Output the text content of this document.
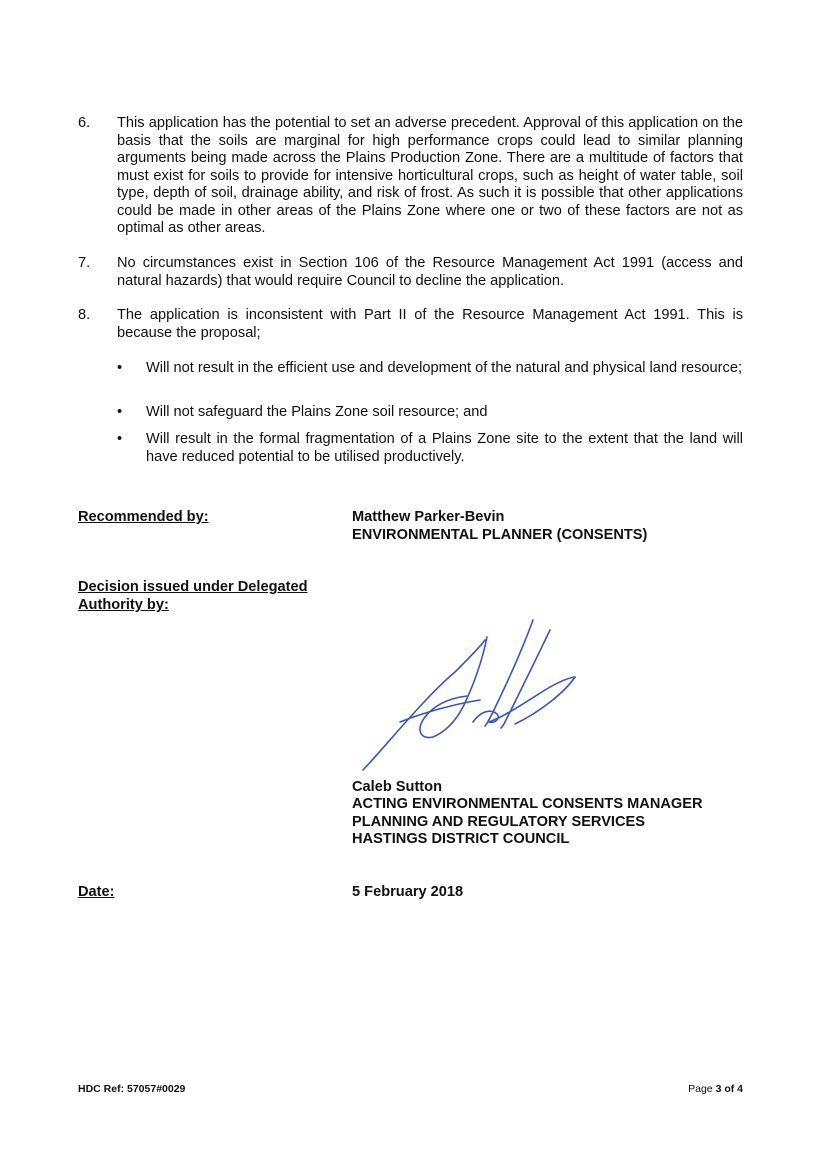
6. This application has the potential to set an adverse precedent. Approval of this application on the basis that the soils are marginal for high performance crops could lead to similar planning arguments being made across the Plains Production Zone. There are a multitude of factors that must exist for soils to provide for intensive horticultural crops, such as height of water table, soil type, depth of soil, drainage ability, and risk of frost. As such it is possible that other applications could be made in other areas of the Plains Zone where one or two of these factors are not as optimal as other areas.
7. No circumstances exist in Section 106 of the Resource Management Act 1991 (access and natural hazards) that would require Council to decline the application.
8. The application is inconsistent with Part II of the Resource Management Act 1991. This is because the proposal;
• Will not result in the efficient use and development of the natural and physical land resource;
• Will not safeguard the Plains Zone soil resource; and
• Will result in the formal fragmentation of a Plains Zone site to the extent that the land will have reduced potential to be utilised productively.
Recommended by:	Matthew Parker-Bevin
ENVIRONMENTAL PLANNER (CONSENTS)
Decision issued under Delegated
Authority by:
Caleb Sutton
ACTING ENVIRONMENTAL CONSENTS MANAGER
PLANNING AND REGULATORY SERVICES
HASTINGS DISTRICT COUNCIL
Date:	5 February 2018
HDC Ref: 57057#0029	Page 3 of 4
